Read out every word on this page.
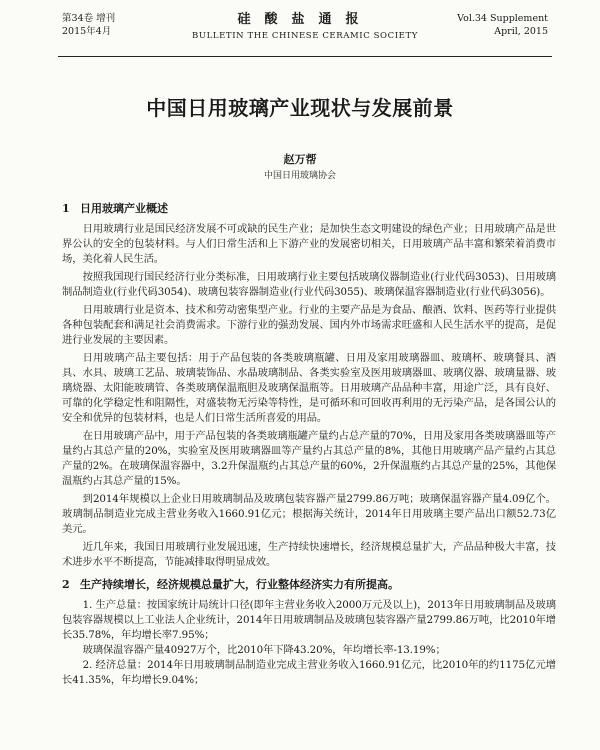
第34卷 增刊
2015年4月
硅酸盐通报
BULLETIN THE CHINESE CERAMIC SOCIETY
Vol.34 Supplement
April, 2015
中国日用玻璃产业现状与发展前景
赵万帮
中国日用玻璃协会
1 日用玻璃产业概述

日用玻璃行业是国民经济发展不可或缺的民生产业；是加快生态文明建设的绿色产业；日用玻璃产品是世界公认的安全的包装材料。与人们日常生活和上下游产业的发展密切相关，日用玻璃产品丰富和繁荣着消费市场，美化着人民生活。

按照我国现行国民经济行业分类标准，日用玻璃行业主要包括玻璃仪器制造业(行业代码3053)、日用玻璃制品制造业(行业代码3054)、玻璃包装容器制造业(行业代码3055)、玻璃保温容器制造业(行业代码3056)。

日用玻璃行业是资本、技术和劳动密集型产业。行业的主要产品是为食品、酿酒、饮料、医药等行业提供各种包装配套和满足社会消费需求。下游行业的强劲发展、国内外市场需求旺盛和人民生活水平的提高，是促进行业发展的主要因素。

日用玻璃产品主要包括：用于产品包装的各类玻璃瓶罐、日用及家用玻璃器皿、玻璃杯、玻璃餐具、酒具、水具、玻璃工艺品、玻璃装饰品、水晶玻璃制品、各类实验室及医用玻璃器皿、玻璃仪器、玻璃量器、玻璃烧器、太阳能玻璃管、各类玻璃保温瓶胆及玻璃保温瓶等。日用玻璃产品品种丰富，用途广泛，具有良好、可靠的化学稳定性和阻隔性，对盛装物无污染等特性，是可循环和可回收再利用的无污染产品，是各国公认的安全和优异的包装材料，也是人们日常生活所喜爱的用品。

在日用玻璃产品中，用于产品包装的各类玻璃瓶罐产量约占总产量的70%，日用及家用各类玻璃器皿等产量约占其总产量的20%，实验室及医用玻璃器皿等产量约占其总产量的8%，其他日用玻璃产品产量约占其总产量的2%。在玻璃保温容器中，3.2升保温瓶约占其总产量的60%，2升保温瓶约占其总产量的25%，其他保温瓶约占其总产量的15%。

到2014年规模以上企业日用玻璃制品及玻璃包装容器产量2799.86万吨；玻璃保温容器产量4.09亿个。玻璃制品制造业完成主营业务收入1660.91亿元；根据海关统计，2014年日用玻璃主要产品出口额52.73亿美元。

近几年来，我国日用玻璃行业发展迅速，生产持续快速增长，经济规模总量扩大，产品品种极大丰富，技术进步水平不断提高，节能减排取得明显成效。

2 生产持续增长，经济规模总量扩大，行业整体经济实力有所提高。

1. 生产总量：按国家统计局统计口径(即年主营业务收入2000万元及以上)，2013年日用玻璃制品及玻璃包装容器规模以上工业法人企业统计，2014年日用玻璃制品及玻璃包装容器产量2799.86万吨，比2010年增长35.78%，年均增长率7.95%；

玻璃保温容器产量40927万个，比2010年下降43.20%，年均增长率-13.19%；

2. 经济总量：2014年日用玻璃制品制造业完成主营业务收入1660.91亿元，比2010年的约1175亿元增长41.35%，年均增长9.04%；
